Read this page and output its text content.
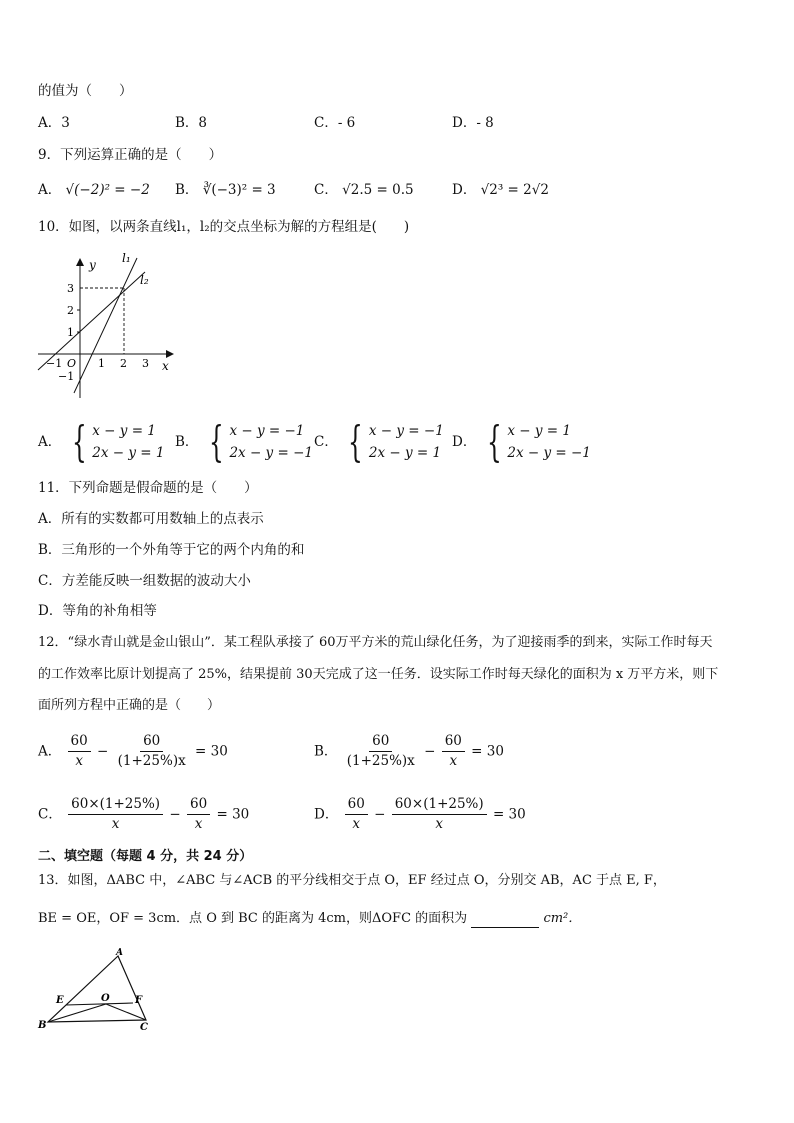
的值为（　　）
A．3	B．8	C．- 6	D．- 8
9．下列运算正确的是（　　）
A． √(−2)² = −2 B． ∛(−3)² = 3	C． √2.5 = 0.5	D． √2³ = 2√2
10．如图，以两条直线l₁，l₂的交点坐标为解的方程组是(　　)
y
x
l₁
l₂
3
2
1
−1
O
−1	1 2 3
A． { x − y = 1
2x − y = 1
B． { x − y = −1
2x − y = −1
C． { x − y = −1
2x − y = 1
D． { x − y = 1
2x − y = −1
11．下列命题是假命题的是（　　）
A．所有的实数都可用数轴上的点表示
B．三角形的一个外角等于它的两个内角的和
C．方差能反映一组数据的波动大小
D．等角的补角相等
12．“绿水青山就是金山银山”．某工程队承接了 60万平方米的荒山绿化任务，为了迎接雨季的到来，实际工作时每天
的工作效率比原计划提高了 25%，结果提前 30天完成了这一任务．设实际工作时每天绿化的面积为 x 万平方米，则下
面所列方程中正确的是（　　）
A． $\frac{60}{x} - \frac{60}{(1+25\%)x} = 30$	B． $\frac{60}{(1+25\%)x} - \frac{60}{x} = 30$
C． $\frac{60\times(1+25\%)}{x} - \frac{60}{x} = 30$	D． $\frac{60}{x} - \frac{60\times(1+25\%)}{x} = 30$
二、填空题（每题 4 分，共 24 分）
13．如图，ΔABC 中，∠ABC 与∠ACB 的平分线相交于点 O，EF 经过点 O，分别交 AB，AC 于点 E, F，
BE = OE，OF = 3cm．点 O 到 BC 的距离为 4cm，则ΔOFC 的面积为	cm²．
A
B	C
E	F
O
